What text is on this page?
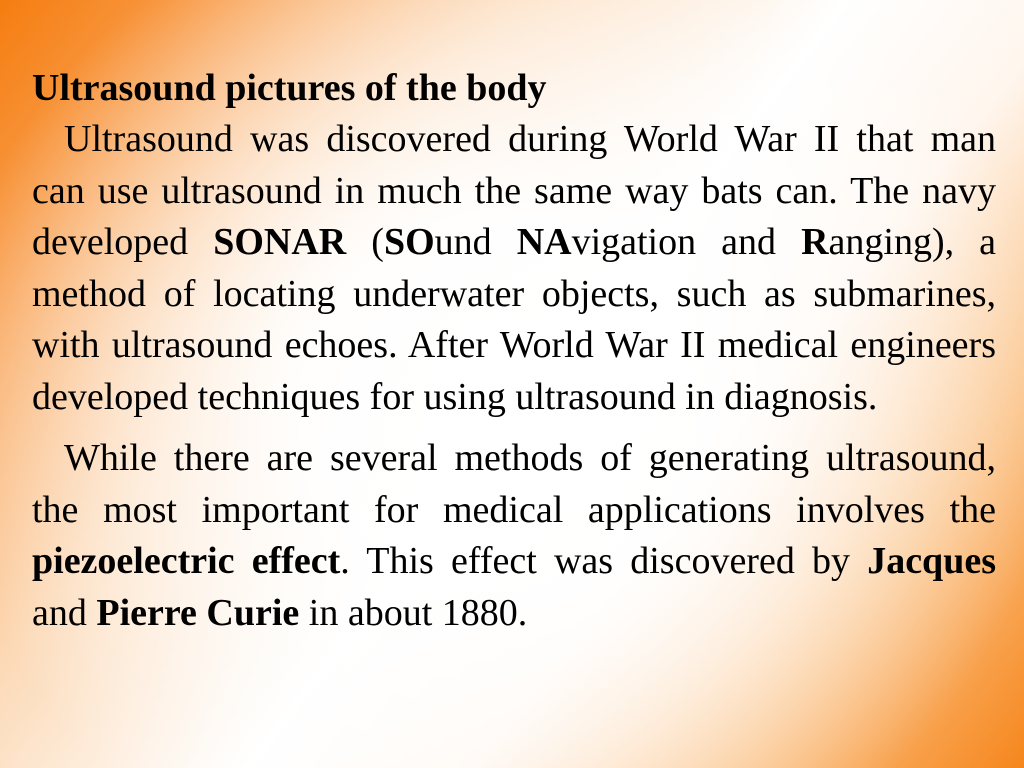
Ultrasound pictures of the body

Ultrasound was discovered during World War II that man can use ultrasound in much the same way bats can. The navy developed SONAR (SOund NAvigation and Ranging), a method of locating underwater objects, such as submarines, with ultrasound echoes. After World War II medical engineers developed techniques for using ultrasound in diagnosis.

While there are several methods of generating ultrasound, the most important for medical applications involves the piezoelectric effect. This effect was discovered by Jacques and Pierre Curie in about 1880.
